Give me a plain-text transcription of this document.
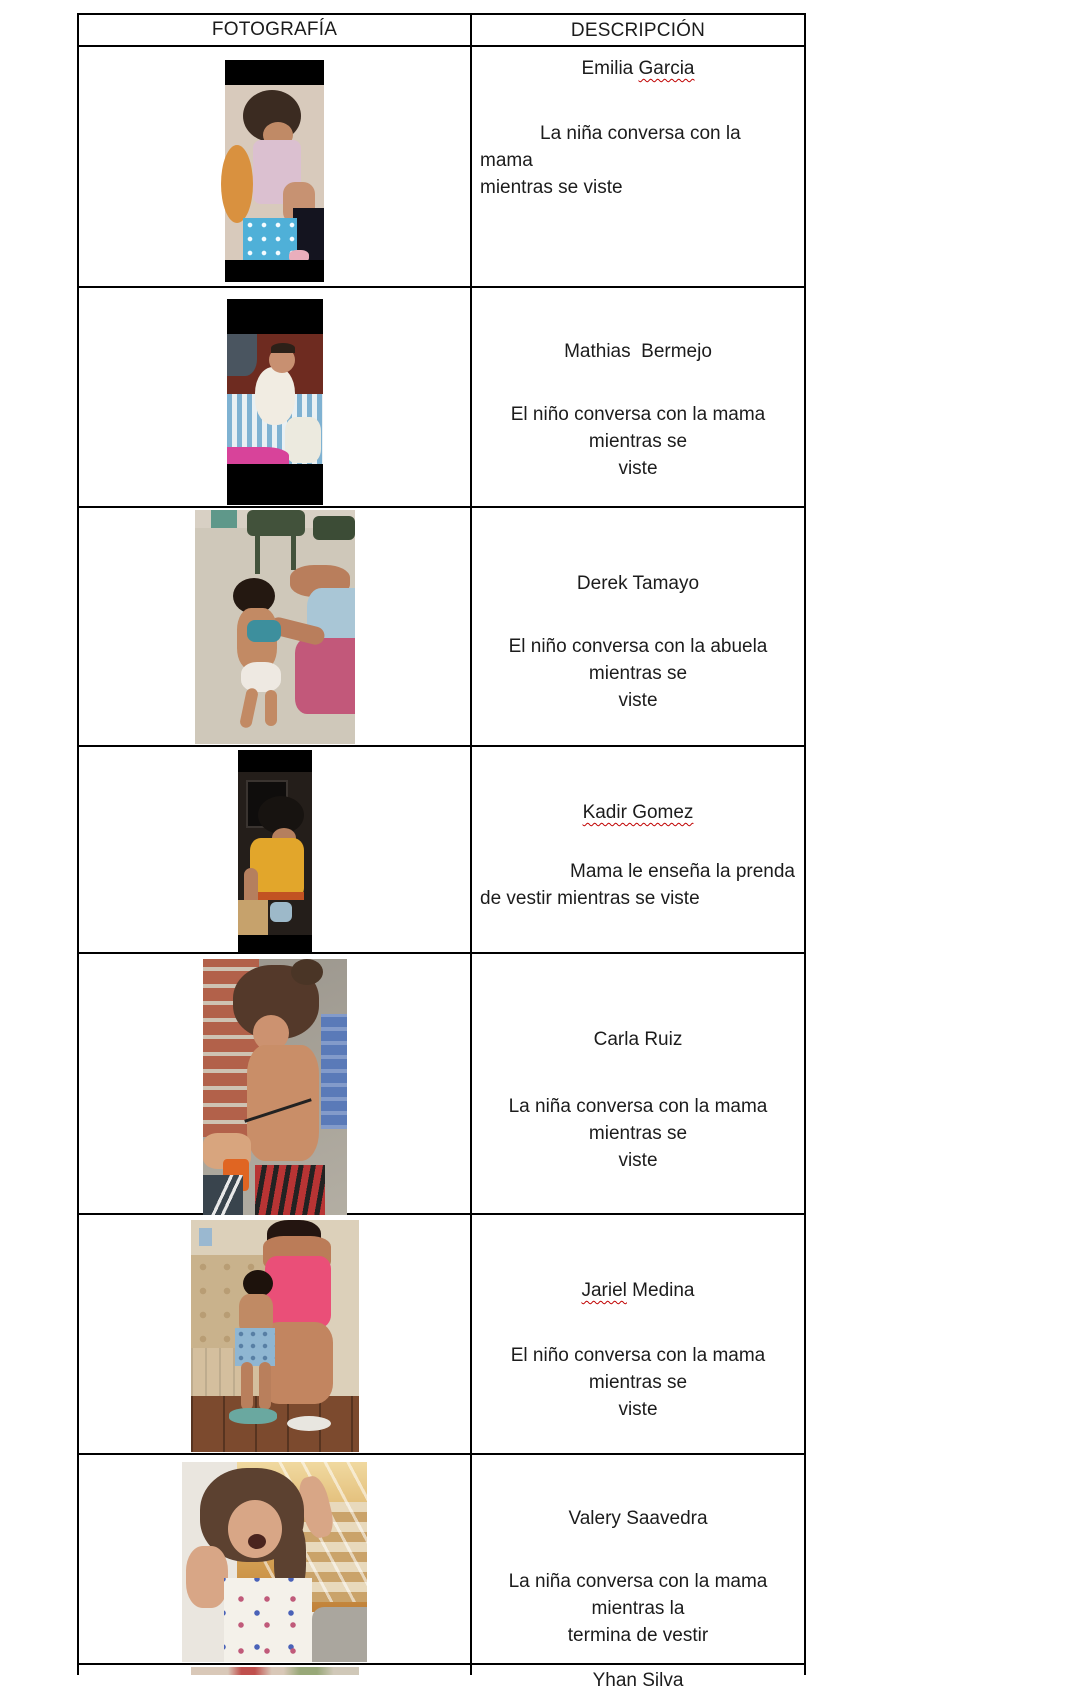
FOTOGRAFÍA	DESCRIPCIÓN

Emilia Garcia

La niña conversa con la mama

mientras se viste

Mathias  Bermejo

El niño conversa con la mama mientras se

viste

Derek Tamayo

El niño conversa con la abuela mientras se

viste

Kadir Gomez

Mama le enseña la prenda

de vestir mientras se viste

Carla Ruiz

La niña conversa con la mama mientras se

viste

Jariel Medina

El niño conversa con la mama mientras se

viste

Valery Saavedra

La niña conversa con la mama mientras la

termina de vestir

Yhan Silva
